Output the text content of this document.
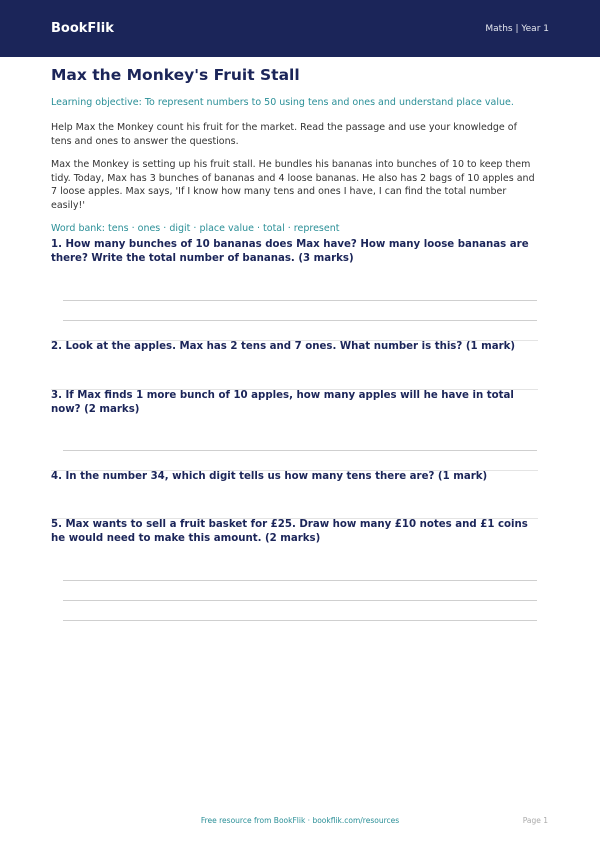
BookFlik	Maths | Year 1
Max the Monkey's Fruit Stall
Learning objective: To represent numbers to 50 using tens and ones and understand place value.
Help Max the Monkey count his fruit for the market. Read the passage and use your knowledge of tens and ones to answer the questions.
Max the Monkey is setting up his fruit stall. He bundles his bananas into bunches of 10 to keep them tidy. Today, Max has 3 bunches of bananas and 4 loose bananas. He also has 2 bags of 10 apples and 7 loose apples. Max says, 'If I know how many tens and ones I have, I can find the total number easily!'
Word bank: tens · ones · digit · place value · total · represent
1. How many bunches of 10 bananas does Max have? How many loose bananas are there? Write the total number of bananas. (3 marks)
2. Look at the apples. Max has 2 tens and 7 ones. What number is this? (1 mark)
3. If Max finds 1 more bunch of 10 apples, how many apples will he have in total now? (2 marks)
4. In the number 34, which digit tells us how many tens there are? (1 mark)
5. Max wants to sell a fruit basket for £25. Draw how many £10 notes and £1 coins he would need to make this amount. (2 marks)
Free resource from BookFlik · bookflik.com/resources	Page 1
